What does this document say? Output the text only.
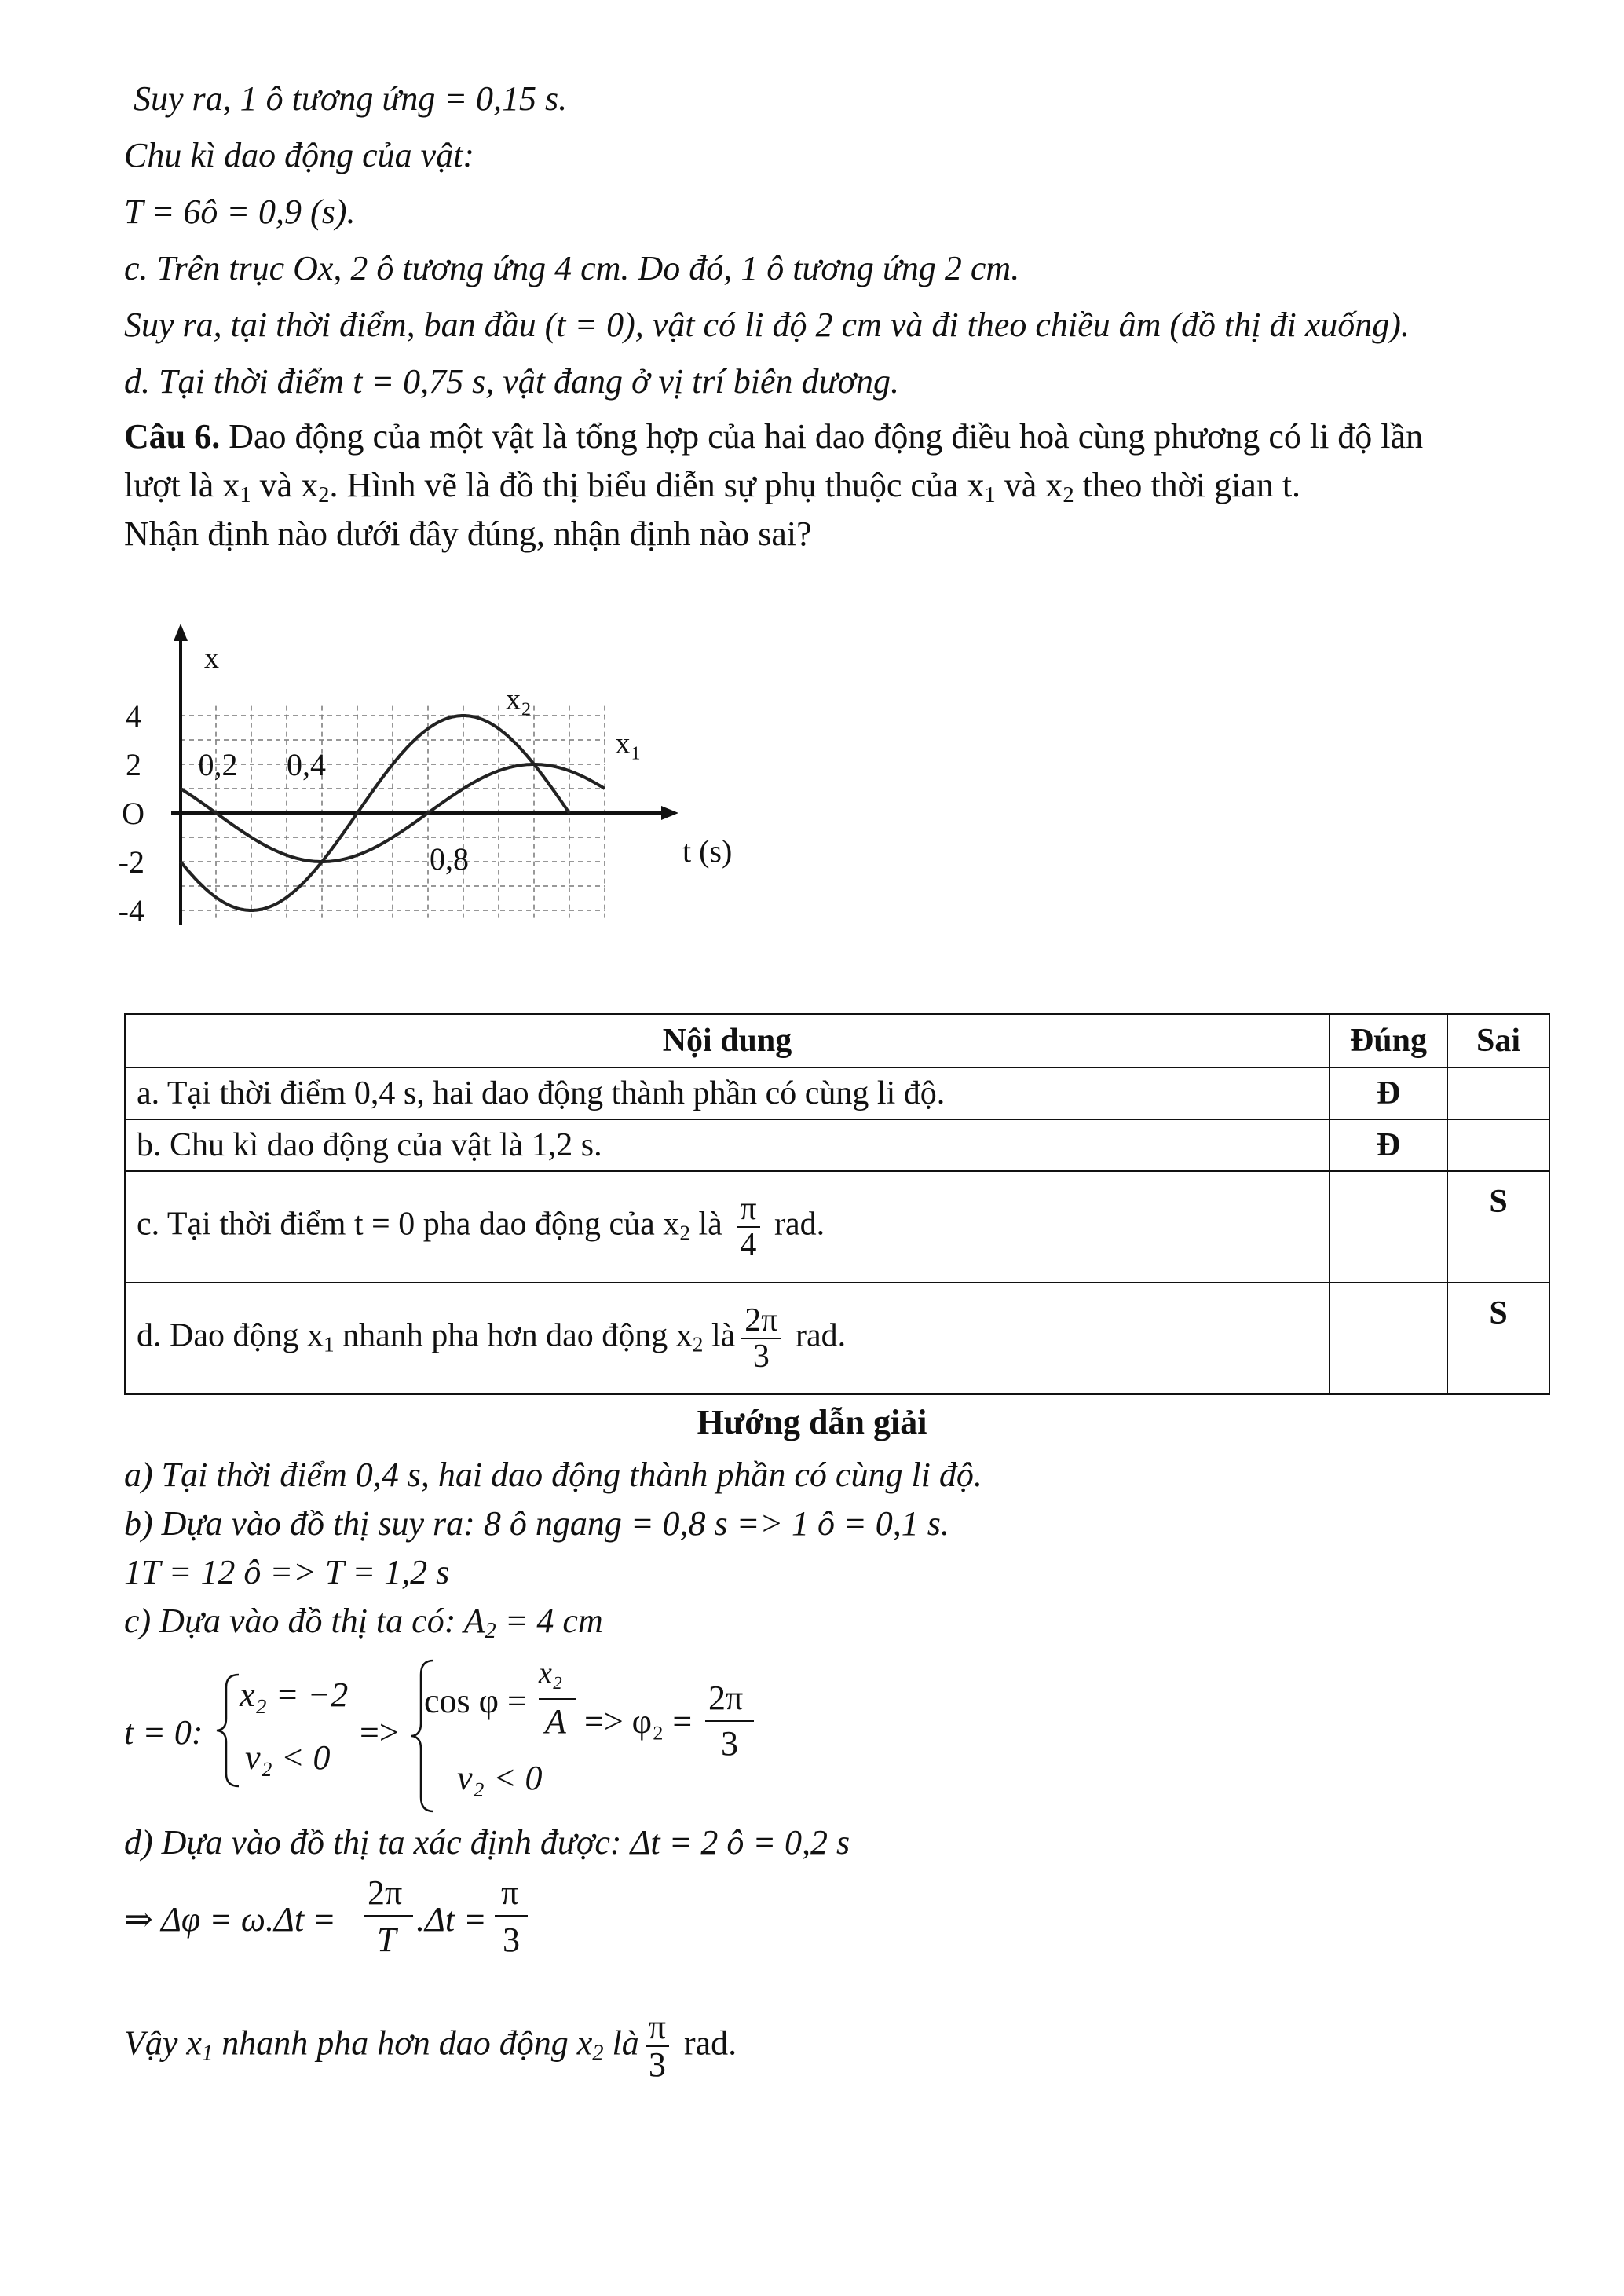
Suy ra, 1 ô tương ứng = 0,15 s.
Chu kì dao động của vật:
T = 6ô = 0,9 (s).
c. Trên trục Ox, 2 ô tương ứng 4 cm. Do đó, 1 ô tương ứng 2 cm.
Suy ra, tại thời điểm, ban đầu (t = 0), vật có li độ 2 cm và đi theo chiều âm (đồ thị đi xuống).
d. Tại thời điểm t = 0,75 s, vật đang ở vị trí biên dương.
Câu 6. Dao động của một vật là tổng hợp của hai dao động điều hoà cùng phương có li độ lần
lượt là $x_1$ và $x_2$. Hình vẽ là đồ thị biểu diễn sự phụ thuộc của $x_1$ và $x_2$ theo thời gian t.
Nhận định nào dưới đây đúng, nhận định nào sai?
4
2
O
-2
-4
x
t (s)
0,2 0,4
0,8
x 2
x 1
Nội dung	Đúng	Sai
a. Tại thời điểm 0,4 s, hai dao động thành phần có cùng li độ.	Đ	
b. Chu kì dao động của vật là 1,2 s.	Đ	
c. Tại thời điểm t = 0 pha dao động của $x_2$ là $\frac{\pi}{4}$ rad.		S
d. Dao động $x_1$ nhanh pha hơn dao động $x_2$ là $\frac{2\pi}{3}$ rad.		S
Hướng dẫn giải
a) Tại thời điểm 0,4 s, hai dao động thành phần có cùng li độ.
b) Dựa vào đồ thị suy ra: 8 ô ngang = 0,8 s => 1 ô = 0,1 s.
1T = 12 ô => T = 1,2 s
c) Dựa vào đồ thị ta có: $A_2 = 4$ cm
t = 0:
x₂ = −2
v₂ < 0
=>
cos φ =
x₂
A => φ₂ =
2π
3
v₂ < 0
d) Dựa vào đồ thị ta xác định được: Δt = 2 ô = 0,2 s
⇒ Δφ = ω.Δt =
2π
T
.Δt =
π
3
Vậy $x_1$ nhanh pha hơn dao động $x_2$ là $\frac{\pi}{3}$ rad.
